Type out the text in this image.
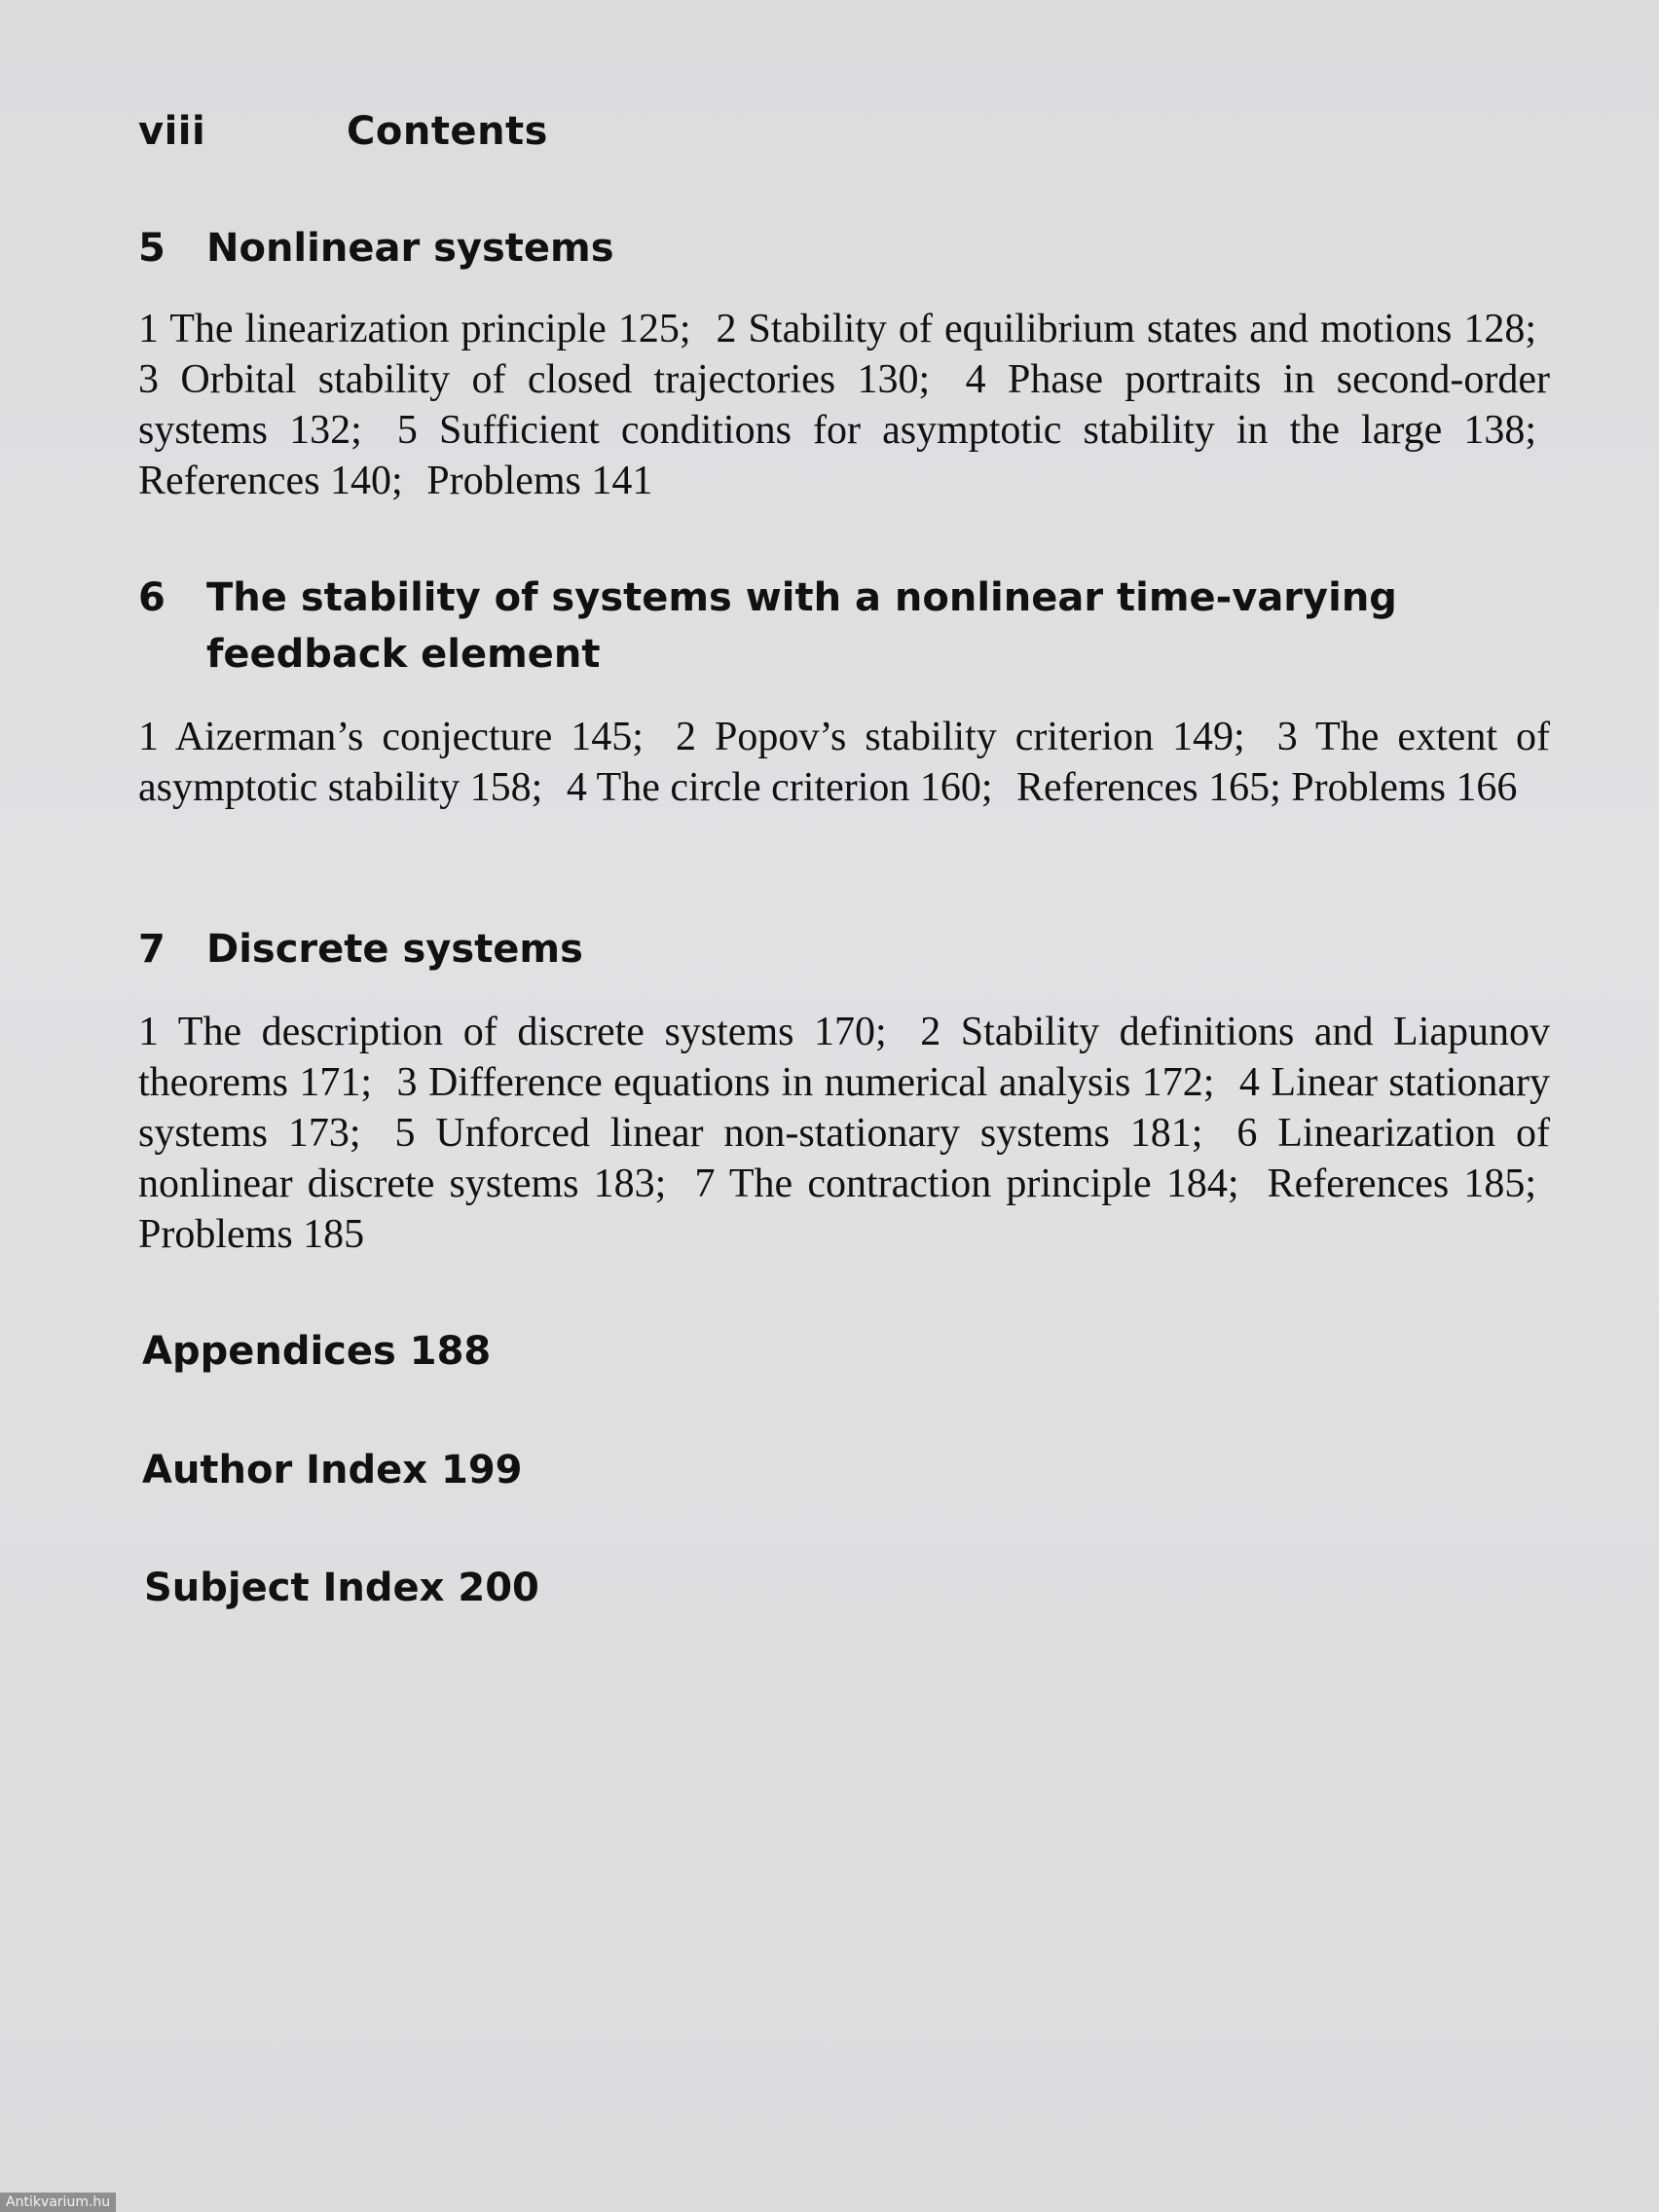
viii	Contents
5	Nonlinear systems
1 The linearization principle 125; 2 Stability of equilibrium states and motions 128; 3 Orbital stability of closed trajectories 130; 4 Phase portraits in second-order systems 132; 5 Sufficient conditions for asymptotic stability in the large 138; References 140; Problems 141
6	The stability of systems with a nonlinear time-varying feedback element
1 Aizerman’s conjecture 145; 2 Popov’s stability criterion 149; 3 The extent of asymptotic stability 158; 4 The circle criterion 160; References 165; Problems 166
7	Discrete systems
1 The description of discrete systems 170; 2 Stability definitions and Liapunov theorems 171; 3 Difference equations in numerical analysis 172; 4 Linear stationary systems 173; 5 Unforced linear non-stationary systems 181; 6 Linearization of nonlinear discrete systems 183; 7 The contraction principle 184; References 185; Problems 185
Appendices 188
Author Index 199
Subject Index 200
Antikvarium.hu
